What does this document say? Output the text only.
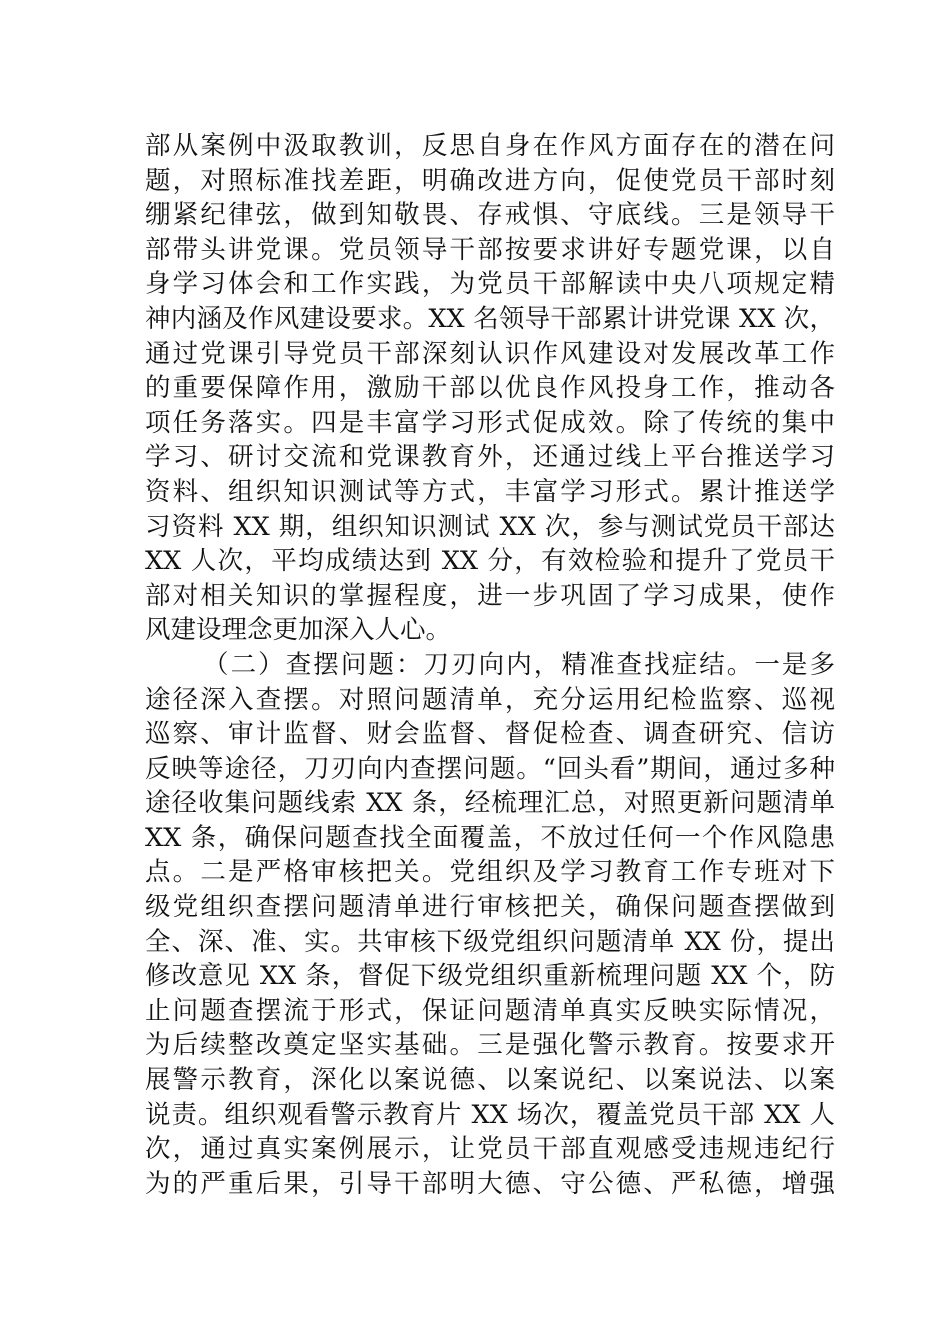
部从案例中汲取教训，反思自身在作风方面存在的潜在问
题，对照标准找差距，明确改进方向，促使党员干部时刻
绷紧纪律弦，做到知敬畏、存戒惧、守底线。三是领导干
部带头讲党课。党员领导干部按要求讲好专题党课，以自
身学习体会和工作实践，为党员干部解读中央八项规定精
神内涵及作风建设要求。XX 名领导干部累计讲党课 XX 次，
通过党课引导党员干部深刻认识作风建设对发展改革工作
的重要保障作用，激励干部以优良作风投身工作，推动各
项任务落实。四是丰富学习形式促成效。除了传统的集中
学习、研讨交流和党课教育外，还通过线上平台推送学习
资料、组织知识测试等方式，丰富学习形式。累计推送学
习资料 XX 期，组织知识测试 XX 次，参与测试党员干部达
XX 人次，平均成绩达到 XX 分，有效检验和提升了党员干
部对相关知识的掌握程度，进一步巩固了学习成果，使作
风建设理念更加深入人心。
（二）查摆问题：刀刃向内，精准查找症结。一是多
途径深入查摆。对照问题清单，充分运用纪检监察、巡视
巡察、审计监督、财会监督、督促检查、调查研究、信访
反映等途径，刀刃向内查摆问题。“回头看”期间，通过多种
途径收集问题线索 XX 条，经梳理汇总，对照更新问题清单
XX 条，确保问题查找全面覆盖，不放过任何一个作风隐患
点。二是严格审核把关。党组织及学习教育工作专班对下
级党组织查摆问题清单进行审核把关，确保问题查摆做到
全、深、准、实。共审核下级党组织问题清单 XX 份，提出
修改意见 XX 条，督促下级党组织重新梳理问题 XX 个，防
止问题查摆流于形式，保证问题清单真实反映实际情况，
为后续整改奠定坚实基础。三是强化警示教育。按要求开
展警示教育，深化以案说德、以案说纪、以案说法、以案
说责。组织观看警示教育片 XX 场次，覆盖党员干部 XX 人
次，通过真实案例展示，让党员干部直观感受违规违纪行
为的严重后果，引导干部明大德、守公德、严私德，增强
